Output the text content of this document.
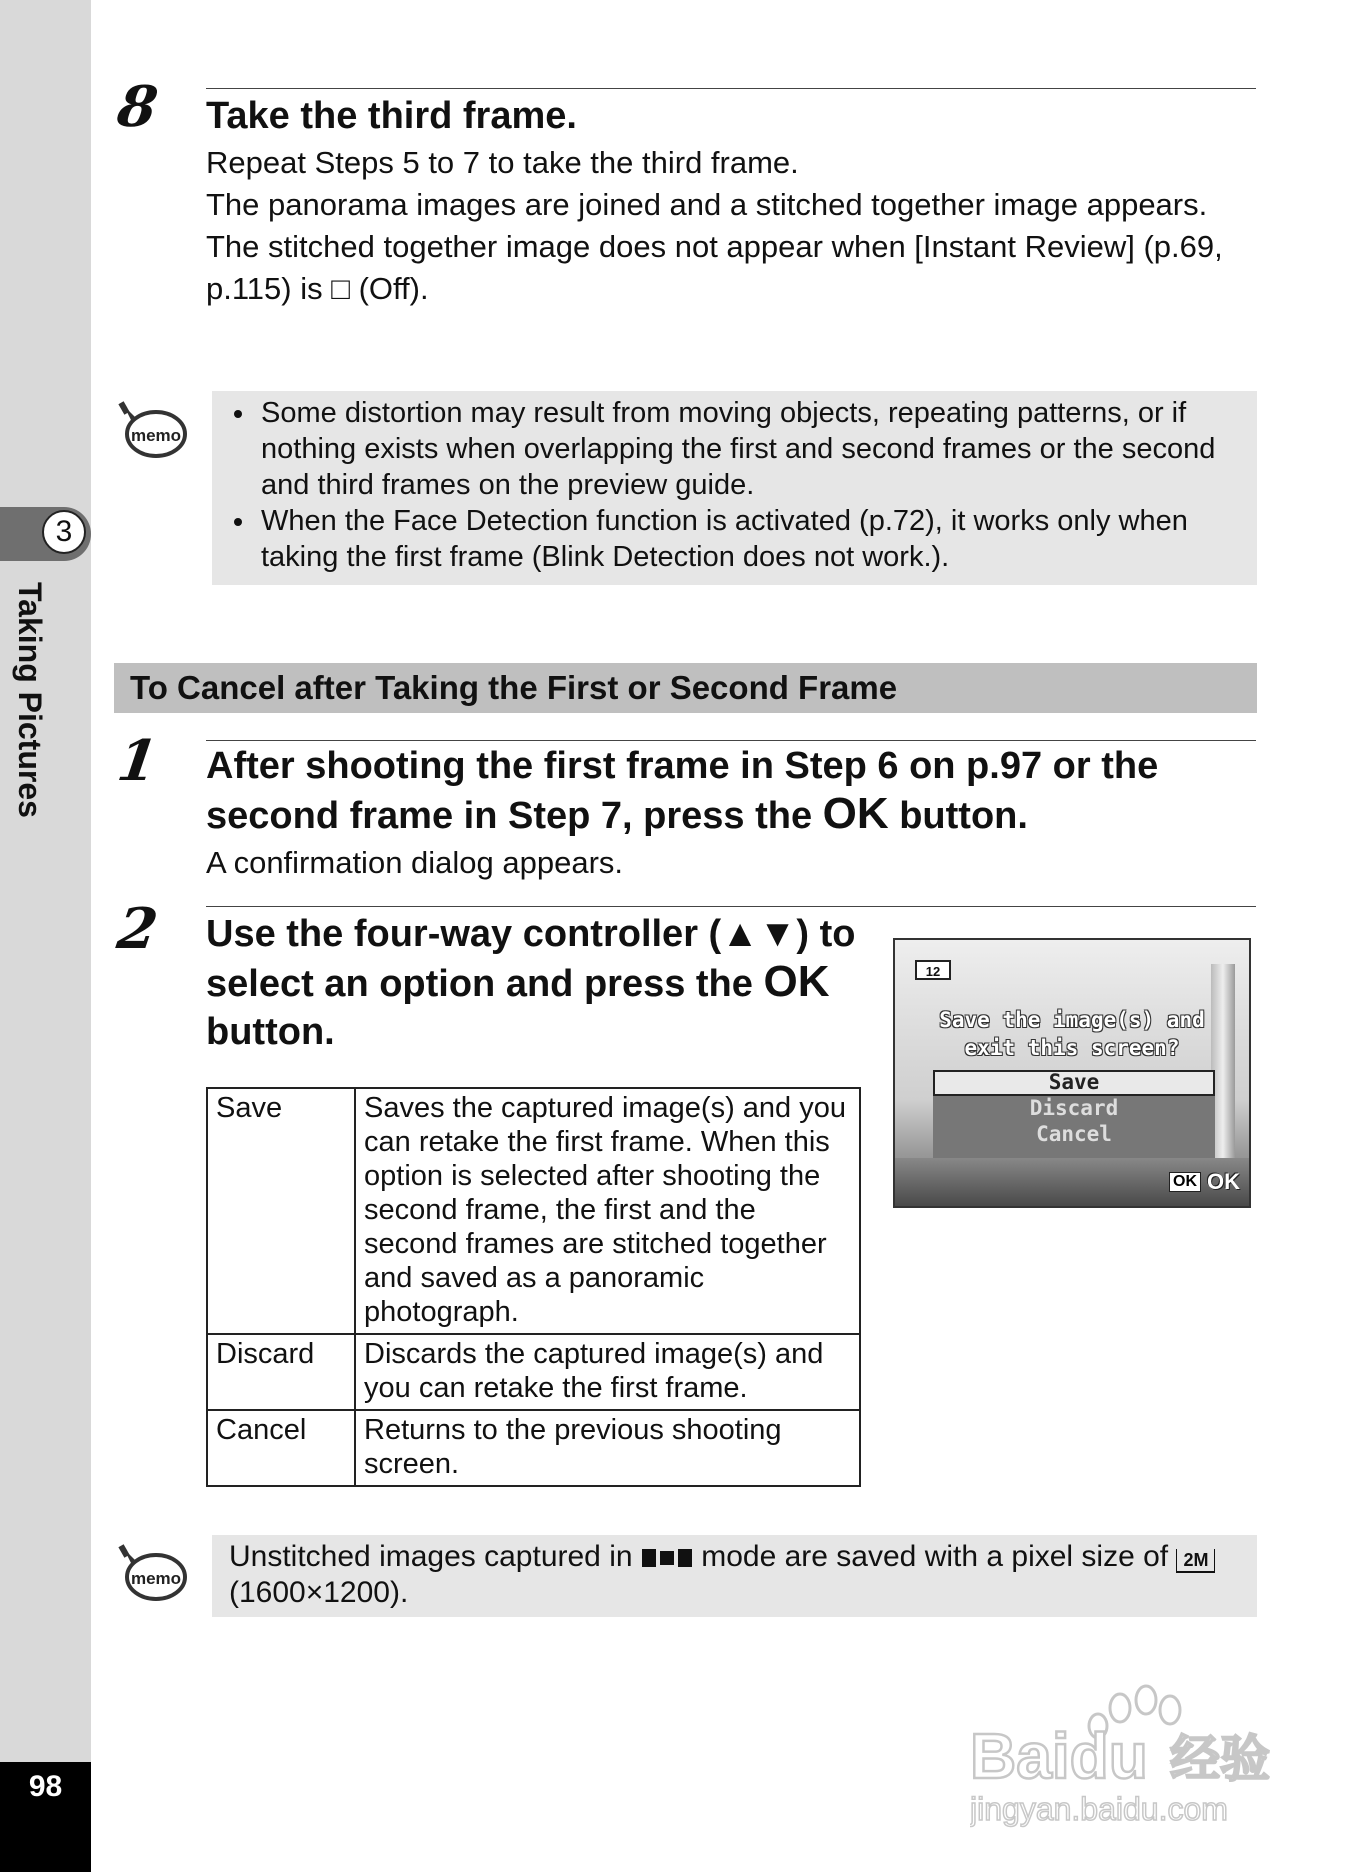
3
Taking Pictures
98
8 Take the third frame.
Repeat Steps 5 to 7 to take the third frame.
The panorama images are joined and a stitched together image appears.
The stitched together image does not appear when [Instant Review] (p.69, p.115) is □ (Off).
memo
• Some distortion may result from moving objects, repeating patterns, or if nothing exists when overlapping the first and second frames or the second and third frames on the preview guide.
• When the Face Detection function is activated (p.72), it works only when taking the first frame (Blink Detection does not work.).
To Cancel after Taking the First or Second Frame
1 After shooting the first frame in Step 6 on p.97 or the second frame in Step 7, press the OK button.
A confirmation dialog appears.
2 Use the four-way controller (▲▼) to select an option and press the OK button.
Save	Saves the captured image(s) and you can retake the first frame. When this option is selected after shooting the second frame, the first and the second frames are stitched together and saved as a panoramic photograph.
Discard	Discards the captured image(s) and you can retake the first frame.
Cancel	Returns to the previous shooting screen.
12
Save the image(s) and
exit this screen?
Save
Discard
Cancel
OK OK
memo
Unstitched images captured in  mode are saved with a pixel size of 2M (1600×1200).
Baidu 经验
jingyan.baidu.com
